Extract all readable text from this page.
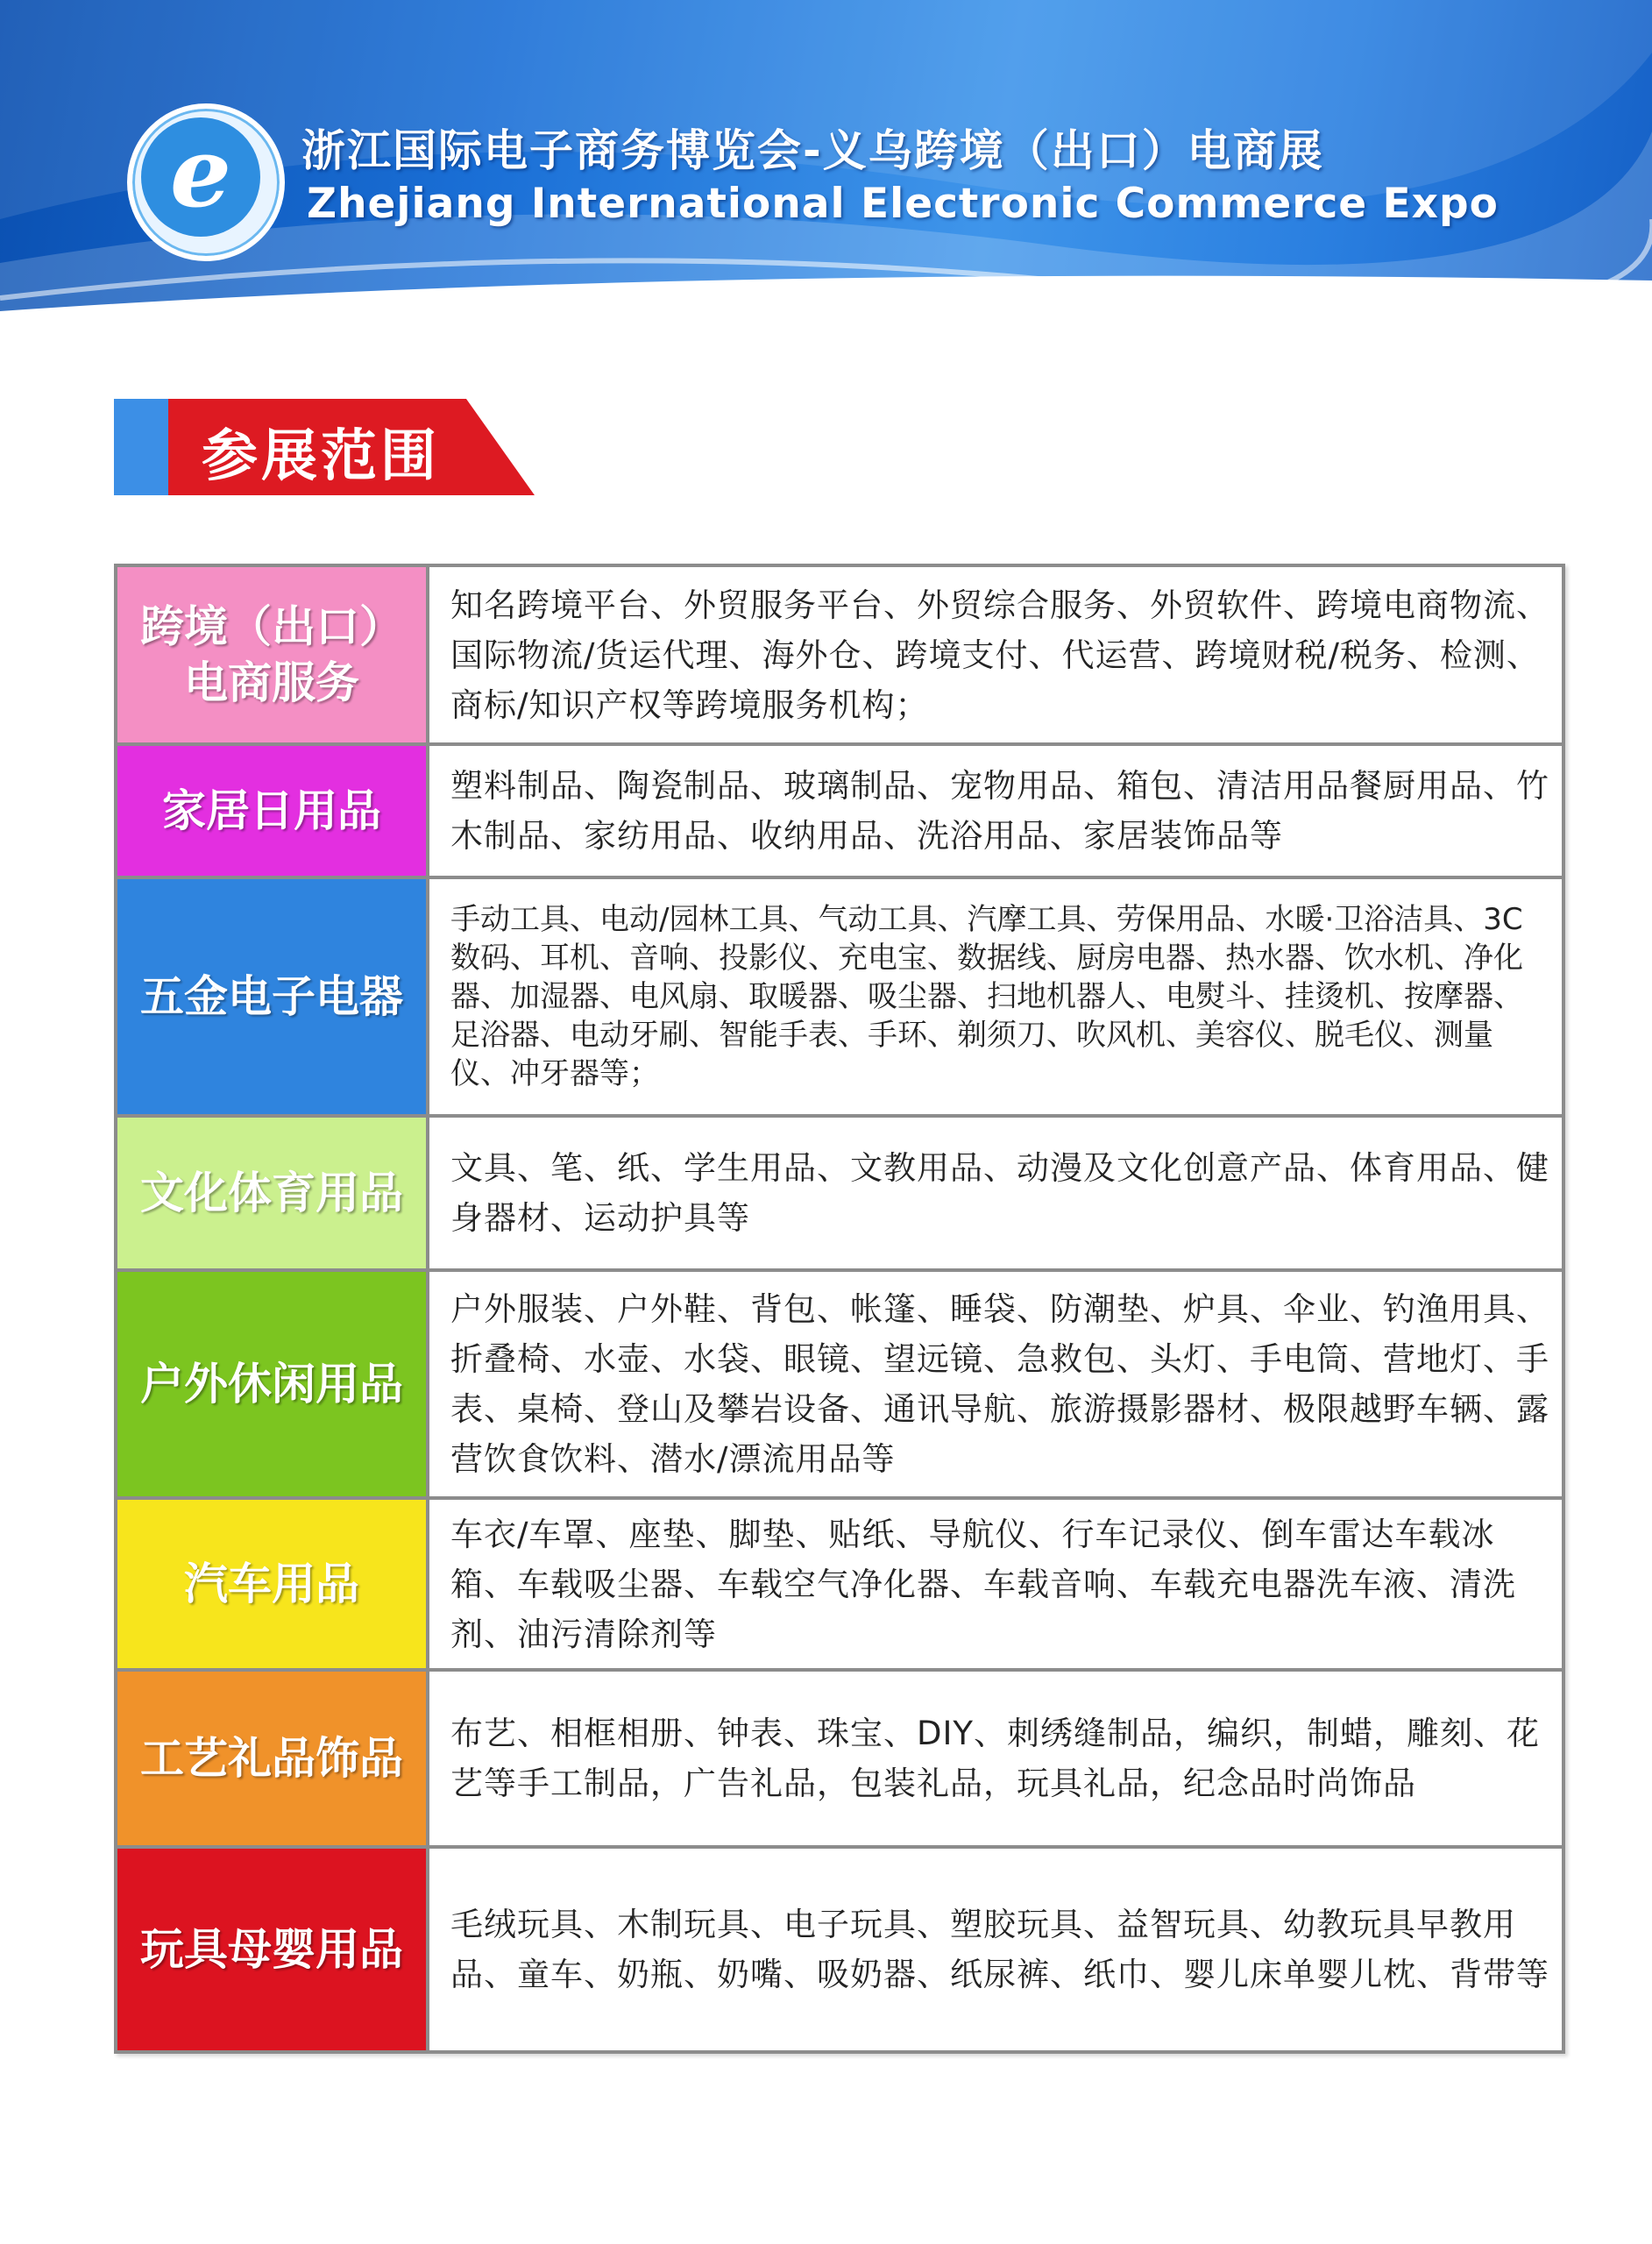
e	浙江国际电子商务博览会-义乌跨境（出口）电商展
Zhejiang International Electronic Commerce Expo
参展范围
跨境（出口）
电商服务
知名跨境平台、外贸服务平台、外贸综合服务、外贸软件、跨境电商物流、国际物流/货运代理、海外仓、跨境支付、代运营、跨境财税/税务、检测、商标/知识产权等跨境服务机构；
家居日用品 塑料制品、陶瓷制品、玻璃制品、宠物用品、箱包、清洁用品餐厨用品、竹木制品、家纺用品、收纳用品、洗浴用品、家居装饰品等
五金电子电器
手动工具、电动/园林工具、气动工具、汽摩工具、劳保用品、水暖·卫浴洁具、3C数码、耳机、音响、投影仪、充电宝、数据线、厨房电器、热水器、饮水机、净化器、加湿器、电风扇、取暖器、吸尘器、扫地机器人、电熨斗、挂烫机、按摩器、足浴器、电动牙刷、智能手表、手环、剃须刀、吹风机、美容仪、脱毛仪、测量仪、冲牙器等；
文化体育用品 文具、笔、纸、学生用品、文教用品、动漫及文化创意产品、体育用品、健身器材、运动护具等
户外休闲用品
户外服装、户外鞋、背包、帐篷、睡袋、防潮垫、炉具、伞业、钓渔用具、折叠椅、水壶、水袋、眼镜、望远镜、急救包、头灯、手电筒、营地灯、手表、桌椅、登山及攀岩设备、通讯导航、旅游摄影器材、极限越野车辆、露营饮食饮料、潜水/漂流用品等
汽车用品
车衣/车罩、座垫、脚垫、贴纸、导航仪、行车记录仪、倒车雷达车载冰箱、车载吸尘器、车载空气净化器、车载音响、车载充电器洗车液、清洗剂、油污清除剂等
工艺礼品饰品 布艺、相框相册、钟表、珠宝、DIY、刺绣缝制品，编织，制蜡，雕刻、花艺等手工制品，广告礼品，包装礼品，玩具礼品，纪念品时尚饰品
玩具母婴用品 毛绒玩具、木制玩具、电子玩具、塑胶玩具、益智玩具、幼教玩具早教用品、童车、奶瓶、奶嘴、吸奶器、纸尿裤、纸巾、婴儿床单婴儿枕、背带等
